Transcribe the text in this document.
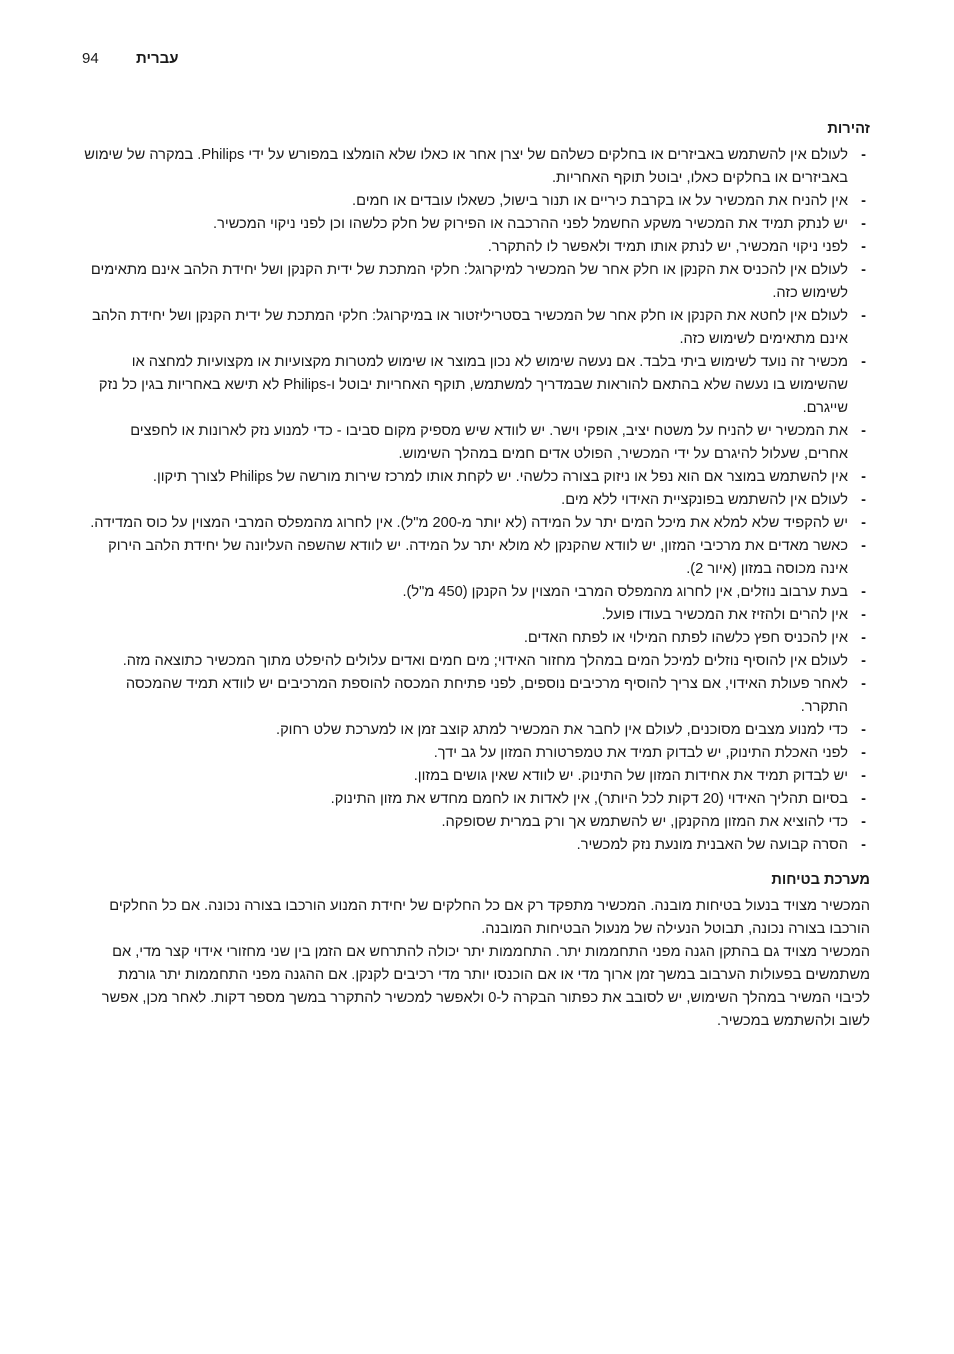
94 עברית
זהירות
- לעולם אין להשתמש באביזרים או בחלקים כשלהם של יצרן אחר או כאלו שלא הומלצו במפורש על ידי Philips. במקרה של שימוש באביזרים או בחלקים כאלו, יבוטל תוקף האחריות.
- אין להניח את המכשיר על או בקרבת כיריים או תנור בישול, כשאלו עובדים או חמים.
- יש לנתק תמיד את המכשיר משקע החשמל לפני ההרכבה או הפירוק של חלק כלשהו וכן לפני ניקוי המכשיר.
- לפני ניקוי המכשיר, יש לנתק אותו תמיד ולאפשר לו להתקרר.
- לעולם אין להכניס את הקנקן או חלק אחר של המכשיר למיקרוגל: חלקי המתכת של ידית הקנקן ושל יחידת הלהב אינם מתאימים לשימוש כזה.
- לעולם אין לחטא את הקנקן או חלק אחר של המכשיר בסטריליזטור או במיקרוגל: חלקי המתכת של ידית הקנקן ושל יחידת הלהב אינם מתאימים לשימוש כזה.
- מכשיר זה נועד לשימוש ביתי בלבד. אם נעשה שימוש לא נכון במוצר או שימוש למטרות מקצועיות או מקצועיות למחצה או שהשימוש בו נעשה שלא בהתאם להוראות שבמדריך למשתמש, תוקף האחריות יבוטל ו-Philips לא תישא באחריות בגין כל נזק שייגרם.
- את המכשיר יש להניח על משטח יציב, אופקי וישר. יש לוודא שיש מספיק מקום סביבו - כדי למנוע נזק לארונות או לחפצים אחרים, שעלול להיגרם על ידי המכשיר, הפולט אדים חמים במהלך השימוש.
- אין להשתמש במוצר אם הוא נפל או ניזוק בצורה כלשהי. יש לקחת אותו למרכז שירות מורשה של Philips לצורך תיקון.
- לעולם אין להשתמש בפונקציית האידוי ללא מים.
- יש להקפיד שלא למלא את מיכל המים יתר על המידה (לא יותר מ-200 מ"ל). אין לחרוג מהמפלס המרבי המצוין על כוס המדידה.
- כאשר מאדים את מרכיבי המזון, יש לוודא שהקנקן לא מולא יתר על המידה. יש לוודא שהשפה העליונה של יחידת הלהב הירוק אינה מכוסה במזון (איור 2).
- בעת ערבוב נוזלים, אין לחרוג מהמפלס המרבי המצוין על הקנקן (450 מ"ל).
- אין להרים ולהזיז את המכשיר בעודו פועל.
- אין להכניס חפץ כלשהו לפתח המילוי או לפתח האדים.
- לעולם אין להוסיף נוזלים למיכל המים במהלך מחזור האידוי; מים חמים ואדים עלולים להיפלט מתוך המכשיר כתוצאה מזה.
- לאחר פעולת האידוי, אם צריך להוסיף מרכיבים נוספים, לפני פתיחת המכסה להוספת המרכיבים יש לוודא תמיד שהמכסה התקרר.
- כדי למנוע מצבים מסוכנים, לעולם אין לחבר את המכשיר למתג קוצב זמן או למערכת שלט רחוק.
- לפני האכלת התינוק, יש לבדוק תמיד את טמפרטורת המזון על גב ידך.
- יש לבדוק תמיד את אחידות המזון של התינוק. יש לוודא שאין גושים במזון.
- בסיום תהליך האידוי (20 דקות לכל היותר), אין לאדות או לחמם מחדש את מזון התינוק.
- כדי להוציא את המזון מהקנקן, יש להשתמש אך ורק במרית שסופקה.
- הסרה קבועה של האבנית מונעת נזק למכשיר.
מערכת בטיחות

המכשיר מצויד בנעול בטיחות מובנה. המכשיר מתפקד רק אם כל החלקים של יחידת המנוע הורכבו בצורה נכונה. אם כל החלקים הורכבו בצורה נכונה, תבוטל הנעילה של מנעול הבטיחות המובנה.

המכשיר מצויד גם בהתקן הגנה מפני התחממות יתר. התחממות יתר יכולה להתרחש אם הזמן בין שני מחזורי אידוי קצר מדי, אם משתמשים בפעולות הערבוב במשך זמן ארוך מדי או אם הוכנסו יותר מדי רכיבים לקנקן. אם ההגנה מפני התחממות יתר גורמת לכיבוי המשיר במהלך השימוש, יש לסובב את כפתור הבקרה ל-0 ולאפשר למכשיר להתקרר במשך מספר דקות. לאחר מכן, אפשר לשוב ולהשתמש במכשיר.
